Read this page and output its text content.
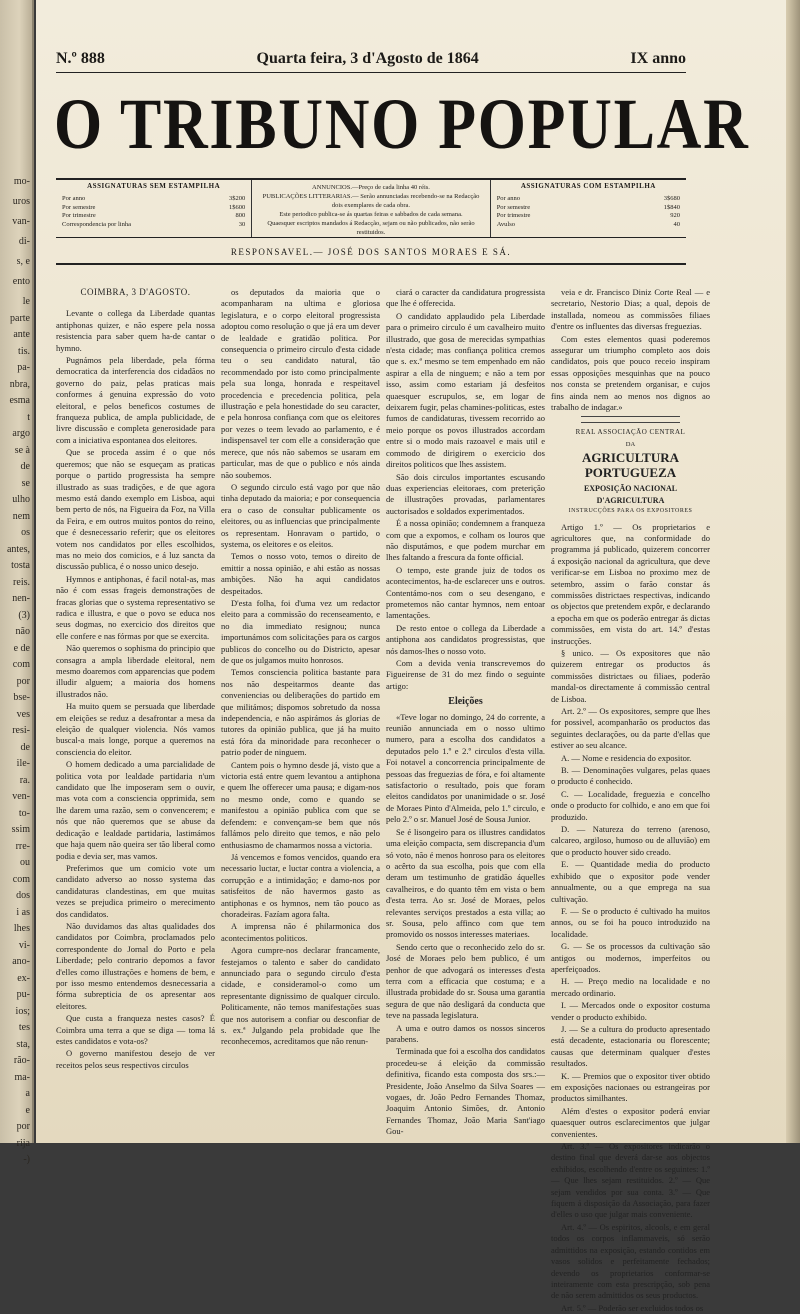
mo-
uros
van-
di-
s, e
ento
le
parte
ante
tis.
pa-
nbra,
esma
t
argo
se à
de
se
ulho
nem
os
antes,
tosta
reis.
nen-
(3)
não
e de
com
por
bse-
ves
resi-
de
ile-
ra.
ven-
to-
ssim
rre-
ou
com
dos
i as
lhes
vi-
ano-
ex-
pu-
ios;
tes
sta,
rão-
ma-
a
e
por
rija
-)
N.º 888	Quarta feira, 3 d'Agosto de 1864	IX anno
O TRIBUNO POPULAR
ASSIGNATURAS SEM ESTAMPILHA
Por anno	3$200
Por semestre	1$600
Por trimestre	800
Correspondencia por linha	30
ANNUNCIOS.—Preço de cada linha 40 réis.
PUBLICAÇÕES LITTERARIAS.— Serão annunciadas recebendo-se na Redacção dois exemplares de cada obra.
Este periodico publica-se ás quartas feiras e sabbados de cada semana.
Quaesquer escriptos mandados á Redacção, sejam ou não publicados, não serão restituidos.
ASSIGNATURAS COM ESTAMPILHA
Por anno	3$680
Por semestre	1$840
Por trimestre	920
Avulso	40
RESPONSAVEL.— JOSÉ DOS SANTOS MORAES E SÁ.
COIMBRA, 3 D'AGOSTO.

Levante o collega da Liberdade quantas antiphonas quizer, e não espere pela nossa resistencia para saber quem ha-de cantar o hymno.

Pugnámos pela liberdade, pela fórma democratica da interferencia dos cidadãos no governo do paiz, pelas praticas mais conformes á genuina expressão do voto eleitoral, e pelos beneficos costumes de franqueza publica, de ampla publicidade, de livre discussão e completa generosidade para com a iniciativa espontanea dos eleitores.

Que se proceda assim é o que nós queremos; que não se esqueçam as praticas porque o partido progressista ha sempre illustrado as suas tradições, e de que agora mesmo está dando exemplo em Lisboa, aqui bem perto de nós, na Figueira da Foz, na Villa da Feira, e em outros muitos pontos do reino, que é desnecessario referir; que os eleitores votem nos candidatos por elles escolhidos, mas no meio dos comicios, e á luz sancta da discussão publica, é o nosso unico desejo.

Hymnos e antiphonas, é facil notal-as, mas não é com essas frageis demonstrações de fracas glorias que o systema representativo se radica e illustra, e que o povo se educa nos seus dogmas, no exercicio dos direitos que elle confere e nas fórmas por que se exercita.

Não queremos o sophisma do principio que consagra a ampla liberdade eleitoral, nem mesmo doaremos com apparencias que podem illudir alguem; a maioria dos homens illustrados não.

Ha muito quem se persuada que liberdade em eleições se reduz a desafrontar a mesa da eleição de qualquer violencia. Nós vamos buscal-a mais longe, porque a queremos na consciencia do eleitor.

O homem dedicado a uma parcialidade de politica vota por lealdade partidaria n'um candidato que lhe imposeram sem o ouvir, mas vota com a consciencia opprimida, sem lhe darem uma razão, sem o convencerem; e nós que não queremos que se abuse da dedicação e lealdade partidaria, lastimámos que haja quem não queira ser tão liberal como podia e devia ser, mas vamos.

Preferimos que um comicio vote um candidato adverso ao nosso systema das candidaturas clandestinas, em que muitas vezes se prejudica primeiro o merecimento dos candidatos.

Não duvidamos das altas qualidades dos candidatos por Coimbra, proclamados pelo correspondente do Jornal do Porto e pela Liberdade; pelo contrario depomos a favor d'elles como illustrações e homens de bem, e por isso mesmo entendemos desnecessaria a fórma subrepticia de os apresentar aos eleitores.

Que custa a franqueza nestes casos? É Coimbra uma terra a que se diga — toma lá estes candidatos e vota-os?

O governo manifestou desejo de ver receitos pelos seus respectivos circulos

os deputados da maioria que o acompanharam na ultima e gloriosa legislatura, e o corpo eleitoral progressista adoptou como resolução o que já era um dever de lealdade e gratidão politica. Por consequencia o primeiro circulo d'esta cidade teu o seu candidato natural, tão recommendado por isto como principalmente pela sua longa, honrada e respeitavel procedencia e precedencia politica, pela illustração e pela honestidade do seu caracter, e pela honrosa confiança com que os eleitores por vezes o teem levado ao parlamento, e é indispensavel ter com elle a consideração que merece, que nós não sabemos se usaram em particular, mas de que o publico e nós ainda não soubemos.

O segundo circulo está vago por que não tinha deputado da maioria; e por consequencia era o caso de consultar publicamente os eleitores, ou as influencias que principalmente os representam. Honravam o partido, o systema, os eleitores e os eleitos.

Temos o nosso voto, temos o direito de emittir a nossa opinião, e ahi estão as nossas ambições. Não ha aqui candidatos despeitados.

D'esta folha, foi d'uma vez um redactor eleito para a commissão do recenseamento, e no dia immediato resignou; nunca importunámos com solicitações para os cargos publicos do concelho ou do Districto, apesar de que os julgamos muito honrosos.

Temos consciencia politica bastante para nos não despeitarmos deante das conveniencias ou deliberações do partido em que militámos; dispomos sobretudo da nossa independencia, e não aspirámos ás glorias de tutores da opinião publica, que já ha muito está fóra da minoridade para reconhecer o patrio poder de ninguem.

Cantem pois o hymno desde já, visto que a victoria está entre quem levantou a antiphona e quem lhe offerecer uma pausa; e digam-nos no mesmo onde, como e quando se manifestou a opinião publica com que se defendem: e convençam-se bem que nós fallámos pelo direito que temos, e não pelo enthusiasmo de chamarmos nossa a victoria.

Já vencemos e fomos vencidos, quando era necessario luctar, e luctar contra a violencia, a corrupção e a intimidação; e damo-nos por satisfeitos de não havermos gasto as antiphonas e os hymnos, nem tão pouco as choradeiras. Fazíam agora falta.

A imprensa não é philarmonica dos acontecimentos politicos.

Agora cumpre-nos declarar francamente, festejamos o talento e saber do candidato annunciado para o segundo circulo d'esta cidade, e consideramol-o como um representante dignissimo de qualquer circulo. Politicamente, não temos manifestações suas que nos autorisem a confiar ou desconfiar de s. ex.ª Julgando pela probidade que lhe reconhecemos, acreditamos que não renun-

ciará o caracter da candidatura progressista que lhe é offerecida.

O candidato applaudido pela Liberdade para o primeiro circulo é um cavalheiro muito illustrado, que gosa de merecidas sympathias n'esta cidade; mas confiança politica cremos que s. ex.ª mesmo se tem empenhado em não aspirar a ella de ninguem; e não a tem por isso, assim como estariam já desfeitos quaesquer escrupulos, se, em logar de deixarem fugir, pelas chamines-politicas, estes fumos de candidaturas, tivessem recorrido ao meio porque os povos illustrados accordam entre si o modo mais razoavel e mais util e commodo de dirigirem o exercicio dos direitos politicos que lhes assistem.

São dois circulos importantes escusando duas experiencias eleitoraes, com preterição de illustrações provadas, parlamentares auctorisados e soldados experimentados.

É a nossa opinião; condemnem a franqueza com que a expomos, e colham os louros que não disputámos, e que podem murchar em lhes faltando a frescura da fonte official.

O tempo, este grande juiz de todos os acontecimentos, ha-de esclarecer uns e outros. Contentámo-nos com o seu desengano, e prometemos não cantar hymnos, nem entoar lamentações.

De resto entoe o collega da Liberdade a antiphona aos candidatos progressistas, que nós damos-lhes o nosso voto.

Com a devida venia transcrevemos do Figueirense de 31 do mez findo o seguinte artigo:

Eleições

«Teve logar no domingo, 24 do corrente, a reunião annunciada em o nosso ultimo numero, para a escolha dos candidatos a deputados pelo 1.º e 2.º circulos d'esta villa. Foi notavel a concorrencia principalmente de pessoas das freguezias de fóra, e foi altamente satisfactorio o resultado, pois que foram eleitos candidatos por unanimidade o sr. José de Moraes Pinto d'Almeida, pelo 1.º circulo, e pelo 2.º o sr. Manuel José de Sousa Junior.

Se é lisongeiro para os illustres candidatos uma eleição compacta, sem discrepancia d'um só voto, não é menos honroso para os eleitores o acêrto da sua escolha, pois que com ella deram um testimunho de gratidão áquelles cavalheiros, e do quanto têm em vista o bem d'esta terra. Ao sr. José de Moraes, pelos relevantes serviços prestados a esta villa; ao sr. Sousa, pelo affinco com que tem promovido os nossos interesses materiaes.

Sendo certo que o reconhecido zelo do sr. José de Moraes pelo bem publico, é um penhor de que advogará os interesses d'esta terra com a efficacia que costuma; e a illustrada probidade do sr. Sousa uma garantia segura de que não desligará da conducta que teve na passada legislatura.

A uma e outro damos os nossos sinceros parabens.

Terminada que foi a escolha dos candidatos procedeu-se á eleição da commissão definitiva, ficando esta composta dos srs.:— Presidente, João Anselmo da Silva Soares —vogaes, dr. João Pedro Fernandes Thomaz, Joaquim Antonio Simões, dr. Antonio Fernandes Thomaz, João Maria Sant'iago Gou-

veia e dr. Francisco Diniz Corte Real — e secretario, Nestorio Dias; a qual, depois de installada, nomeou as commissões filiaes d'entre os influentes das diversas freguezias.

Com estes elementos quasi poderemos assegurar um triumpho completo aos dois candidatos, pois que pouco receio inspiram essas opposições mesquinhas que na pouco nos consta se pretendem organisar, e cujos fins ainda nem ao menos nos dignos ao trabalho de indagar.»

REAL ASSOCIAÇÃO CENTRAL
DA
AGRICULTURA PORTUGUEZA
EXPOSIÇÃO NACIONAL D'AGRICULTURA
INSTRUCÇÕES PARA OS EXPOSITORES

Artigo 1.º — Os proprietarios e agricultores que, na conformidade do programma já publicado, quizerem concorrer á exposição nacional da agricultura, que deve verificar-se em Lisboa no proximo mez de setembro, assim o farão constar ás commissões districtaes respectivas, indicando os objectos que pretendem expôr, e declarando a epocha em que os poderão entregar ás dictas commissões, em vista do art. 14.º d'estas instrucções.

§ unico. — Os expositores que não quizerem entregar os productos ás commissões districtaes ou filiaes, poderão mandal-os directamente á commissão central de Lisboa.

Art. 2.º — Os expositores, sempre que lhes for possivel, acompanharão os productos das seguintes declarações, ou da parte d'ellas que estiver ao seu alcance.

A. — Nome e residencia do expositor.

B. — Denominações vulgares, pelas quaes o producto é conhecido.

C. — Localidade, freguezia e concelho onde o producto for colhido, e ano em que foi produzido.

D. — Natureza do terreno (arenoso, calcareo, argiloso, humoso ou de alluvião) em que o producto houver sido creado.

E. — Quantidade media do producto exhibido que o expositor pode vender annualmente, ou a que emprega na sua cultivação.

F. — Se o producto é cultivado ha muitos annos, ou se foi ha pouco introduzido na localidade.

G. — Se os processos da cultivação são antigos ou modernos, imperfeitos ou aperfeiçoados.

H. — Preço medio na localidade e no mercado ordinario.

I. — Mercados onde o expositor costuma vender o producto exhibido.

J. — Se a cultura do producto apresentado está decadente, estacionaria ou florescente; causas que determinam qualquer d'estes resultados.

K. — Premios que o expositor tiver obtido em exposições nacionaes ou estrangeiras por productos similhantes.

Além d'estes o expositor poderá enviar quaesquer outros esclarecimentos que julgar convenientes.

Art. 3.º — Os expositores indicarão o destino final que deverá dar-se aos objectos exhibidos, escolhendo d'entre os seguintes: 1.º — Que lhes sejam restituidos. 2.º — Que sejam vendidos por sua conta. 3.º — Que fiquem á disposição da Associação, para fazer d'elles o uso que julgar mais conveniente.

Art. 4.º — Os espiritos, alcools, e em geral todos os corpos inflammaveis, só serão admittidos na exposição, estando contidos em vasos solidos e perfeitamente fechados; devendo os proprietarios conformar-se inteiramente com esta prescripção, sob pena de não serem admittidos os seus productos.

Art. 5.º — Poderão ser excluidos todos os
